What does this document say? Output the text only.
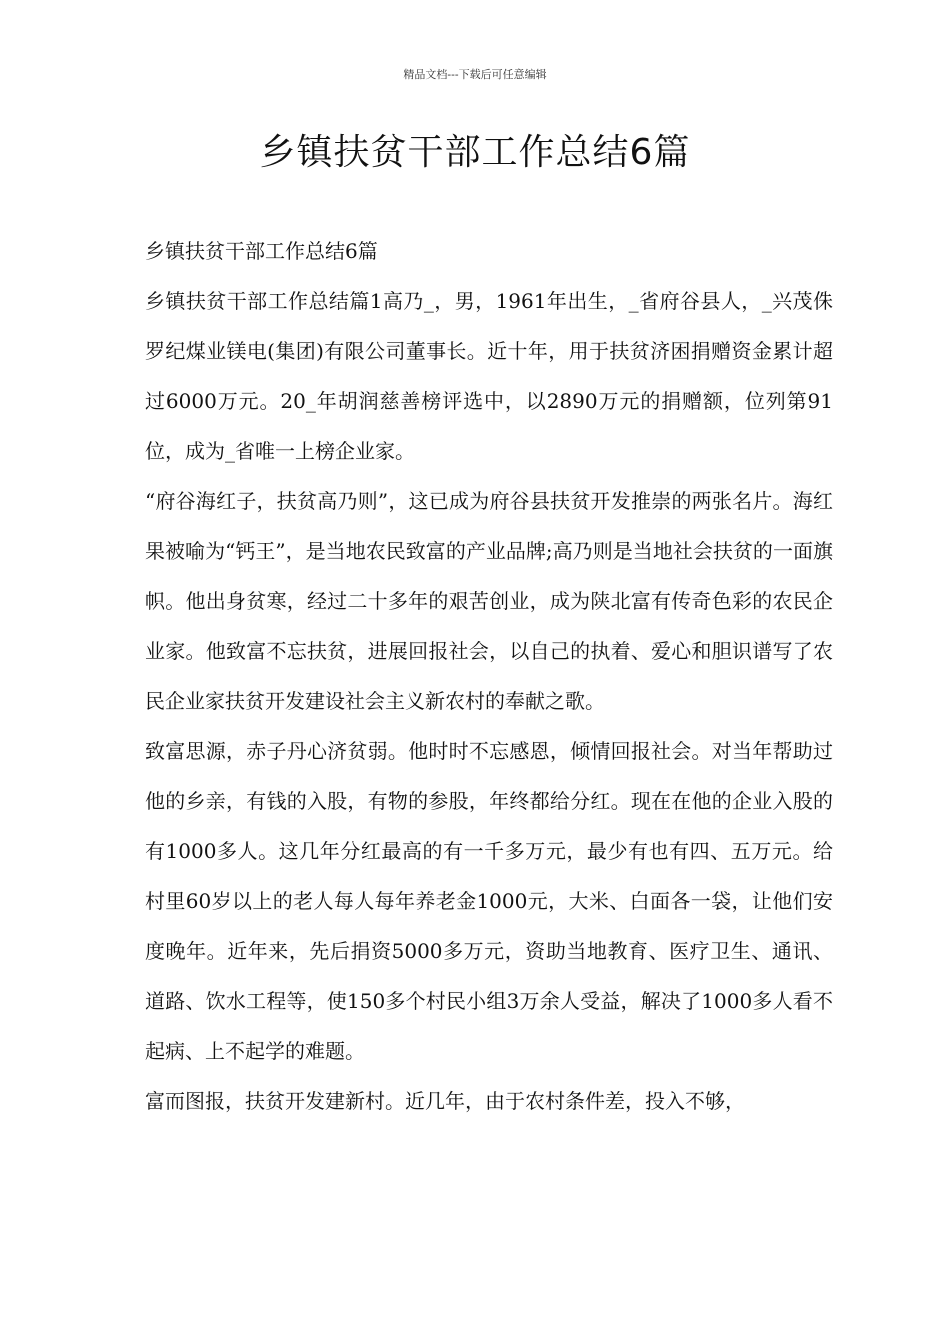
精品文档---下载后可任意编辑
乡镇扶贫干部工作总结6篇

乡镇扶贫干部工作总结6篇

乡镇扶贫干部工作总结篇1高乃_，男，1961年出生，_省府谷县人，_兴茂侏罗纪煤业镁电(集团)有限公司董事长。近十年，用于扶贫济困捐赠资金累计超过6000万元。20_年胡润慈善榜评选中，以2890万元的捐赠额，位列第91位，成为_省唯一上榜企业家。

“府谷海红子，扶贫高乃则”，这已成为府谷县扶贫开发推崇的两张名片。海红果被喻为“钙王”，是当地农民致富的产业品牌;高乃则是当地社会扶贫的一面旗帜。他出身贫寒，经过二十多年的艰苦创业，成为陕北富有传奇色彩的农民企业家。他致富不忘扶贫，进展回报社会，以自己的执着、爱心和胆识谱写了农民企业家扶贫开发建设社会主义新农村的奉献之歌。

致富思源，赤子丹心济贫弱。他时时不忘感恩，倾情回报社会。对当年帮助过他的乡亲，有钱的入股，有物的参股，年终都给分红。现在在他的企业入股的有1000多人。这几年分红最高的有一千多万元，最少有也有四、五万元。给村里60岁以上的老人每人每年养老金1000元，大米、白面各一袋，让他们安度晚年。近年来，先后捐资5000多万元，资助当地教育、医疗卫生、通讯、道路、饮水工程等，使150多个村民小组3万余人受益，解决了1000多人看不起病、上不起学的难题。

富而图报，扶贫开发建新村。近几年，由于农村条件差，投入不够，
